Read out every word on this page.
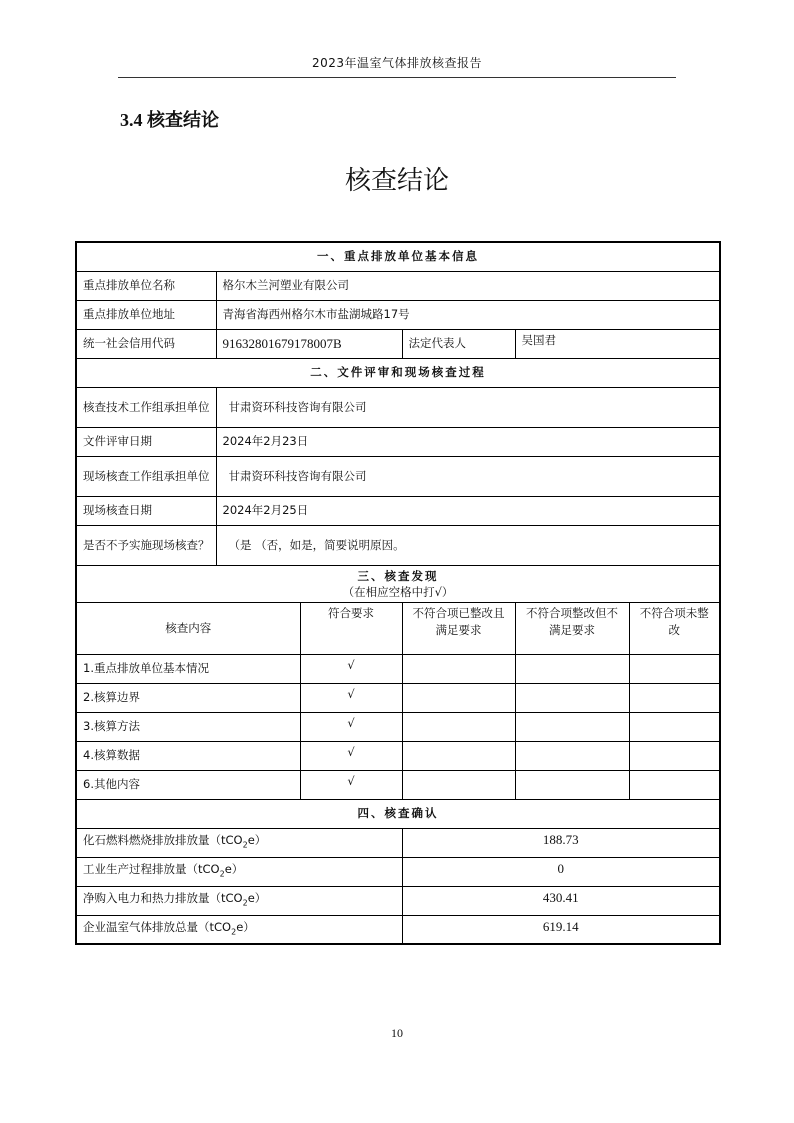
2023年温室气体排放核查报告
3.4 核查结论
核查结论
一、重点排放单位基本信息					
重点排放单位名称	格尔木兰河塑业有限公司				
重点排放单位地址	青海省海西州格尔木市盐湖城路17号				
统一社会信用代码	91632801679178007B		法定代表人	吴国君	
二、文件评审和现场核查过程					
核查技术工作组承担单位	甘肃资环科技咨询有限公司				
文件评审日期	2024年2月23日				
现场核查工作组承担单位	甘肃资环科技咨询有限公司				
现场核查日期	2024年2月25日				
是否不予实施现场核查？	（是 （否，如是，简要说明原因。				

三、核查发现
（在相应空格中打√）					

核查内容		符合要求	不符合项已整改且满足要求	不符合项整改但不满足要求	不符合项未整改
1.重点排放单位基本情况		√			
2.核算边界		√			
3.核算方法		√			
4.核算数据		√			
6.其他内容		√			
四、核查确认					
化石燃料燃烧排放排放量（tCO$_2$e）			188.73		
工业生产过程排放量（tCO$_2$e）			0		
净购入电力和热力排放量（tCO$_2$e）			430.41		
企业温室气体排放总量（tCO$_2$e）			619.14		
10
